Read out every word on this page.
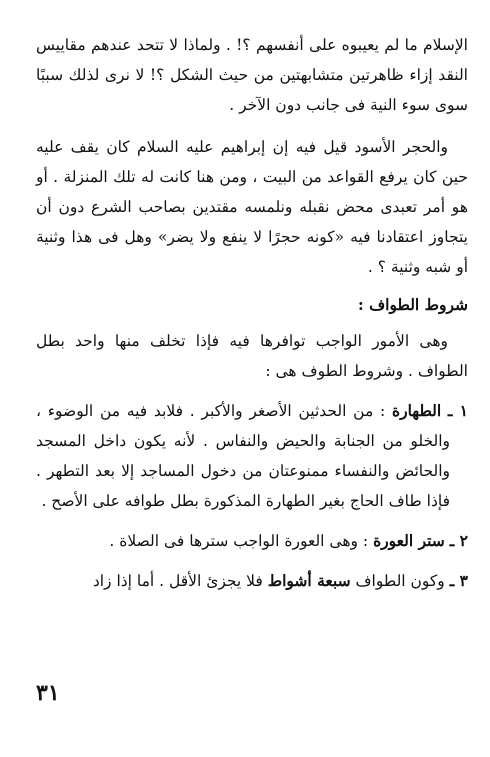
الإسلام ما لم يعيبوه على أنفسهم ؟! . ولماذا لا تتحد عندهم مقاييس النقد إزاء ظاهرتين متشابهتين من حيث الشكل ؟! لا نرى لذلك سببًا سوى سوء النية فى جانب دون الآخر .

والحجر الأسود قيل فيه إن إبراهيم عليه السلام كان يقف عليه حين كان يرفع القواعد من البيت ، ومن هنا كانت له تلك المنزلة . أو هو أمر تعبدى محض نقبله ونلمسه مقتدين بصاحب الشرع دون أن يتجاوز اعتقادنا فيه «كونه حجرًا لا ينفع ولا يضر» وهل فى هذا وثنية أو شبه وثنية ؟ .

شروط الطواف :

وهى الأمور الواجب توافرها فيه فإذا تخلف منها واحد بطل الطواف . وشروط الطوف هى :

١ ـ الطهارة : من الحدثين الأصغر والأكبر . فلابد فيه من الوضوء ، والخلو من الجنابة والحيض والنفاس . لأنه يكون داخل المسجد والحائض والنفساء ممنوعتان من دخول المساجد إلا بعد التطهر . فإذا طاف الحاج بغير الطهارة المذكورة بطل طوافه على الأصح .

٢ ـ ستر العورة : وهى العورة الواجب سترها فى الصلاة .

٣ ـ وكون الطواف سبعة أشواط فلا يجزئ الأقل . أما إذا زاد

٣١
